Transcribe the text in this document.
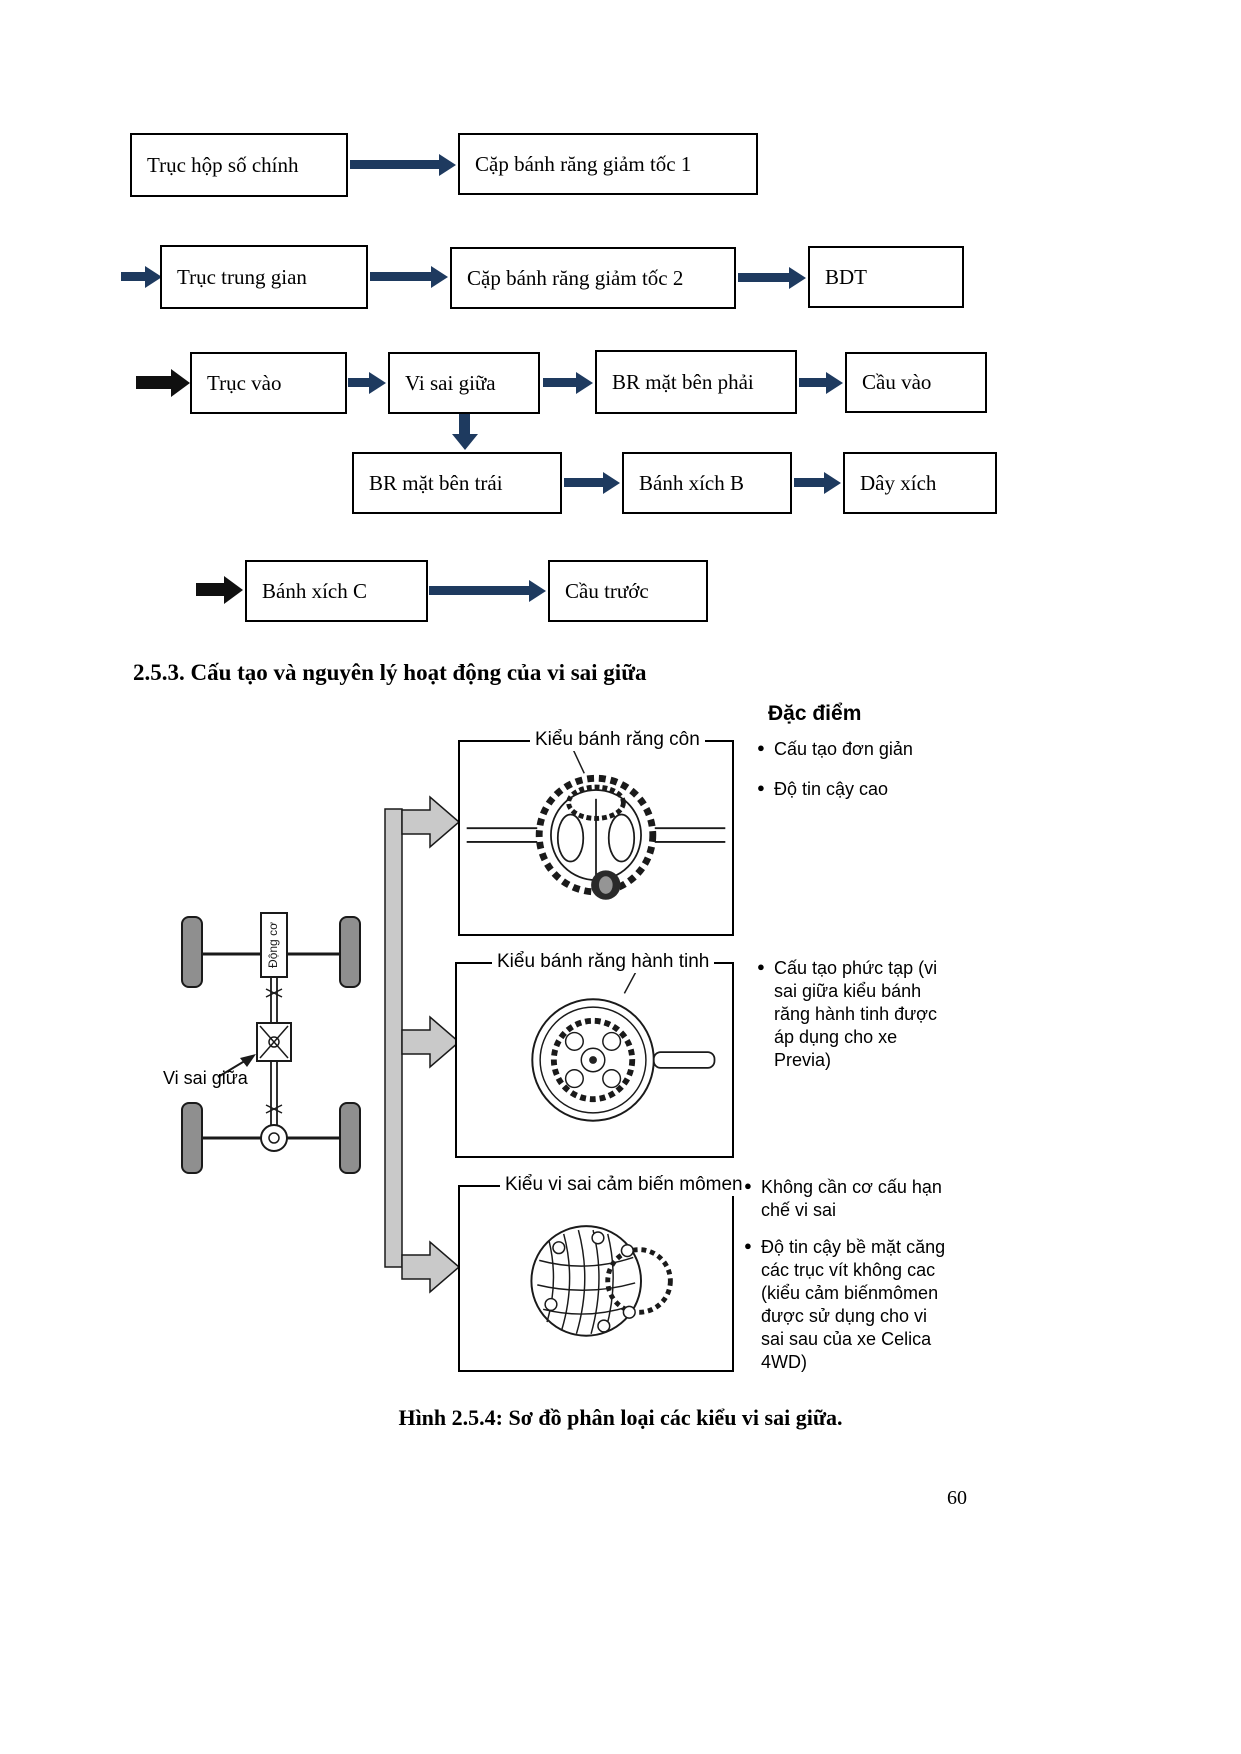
Trục hộp số chính	Cặp bánh răng giảm tốc 1
Trục trung gian	Cặp bánh răng giảm tốc 2	BDT
Trục vào	Vi sai giữa	BR mặt bên phải	Cầu vào
BR mặt bên trái	Bánh xích B	Dây xích
Bánh xích C	Cầu trước
2.5.3. Cấu tạo và nguyên lý hoạt động của vi sai giữa
Đặc điểm
Động cơ
Vi sai giữa
Kiểu bánh răng côn
Kiểu bánh răng hành tinh
Kiểu vi sai cảm biến mômen
● Cấu tạo đơn giản
● Độ tin cậy cao
● Cấu tạo phức tạp (vi sai giữa kiểu bánh răng hành tinh được áp dụng cho xe Previa)
● Không cần cơ cấu hạn chế vi sai
● Độ tin cậy bề mặt căng các trục vít không cac (kiểu cảm biếnmômen được sử dụng cho vi sai sau của xe Celica 4WD)
Hình 2.5.4: Sơ đồ phân loại các kiểu vi sai giữa.
60
